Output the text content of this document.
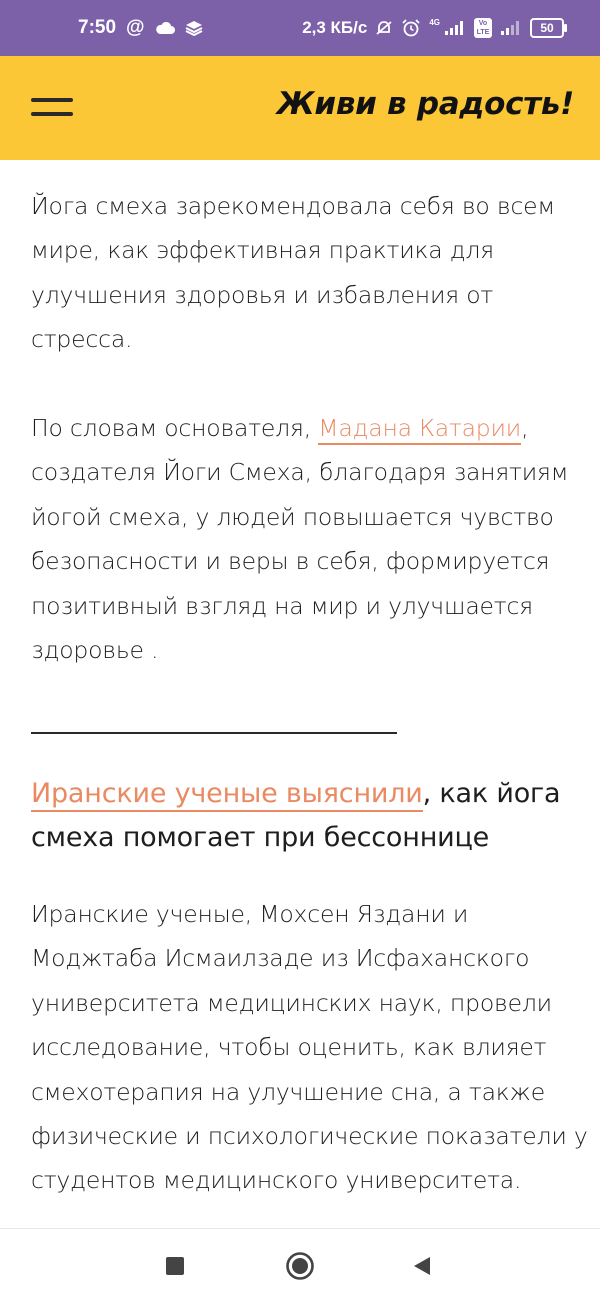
7:50 @	2,3 КБ/с	4G	Vo
LTE	50
Живи в радость!

Йога смеха зарекомендовала себя во всем мире, как эффективная практика для улучшения здоровья и избавления от стресса.

По словам основателя, Мадана Катарии, создателя Йоги Смеха, благодаря занятиям йогой смеха, у людей повышается чувство безопасности и веры в себя, формируется позитивный взгляд на мир и улучшается здоровье .

Иранские ученые выяснили, как йога смеха помогает при бессоннице

Иранские ученые, Мохсен Яздани и Моджтаба Исмаилзаде из Исфаханского университета медицинских наук, провели исследование, чтобы оценить, как влияет смехотерапия на улучшение сна, а также физические и психологические показатели у студентов медицинского университета.
